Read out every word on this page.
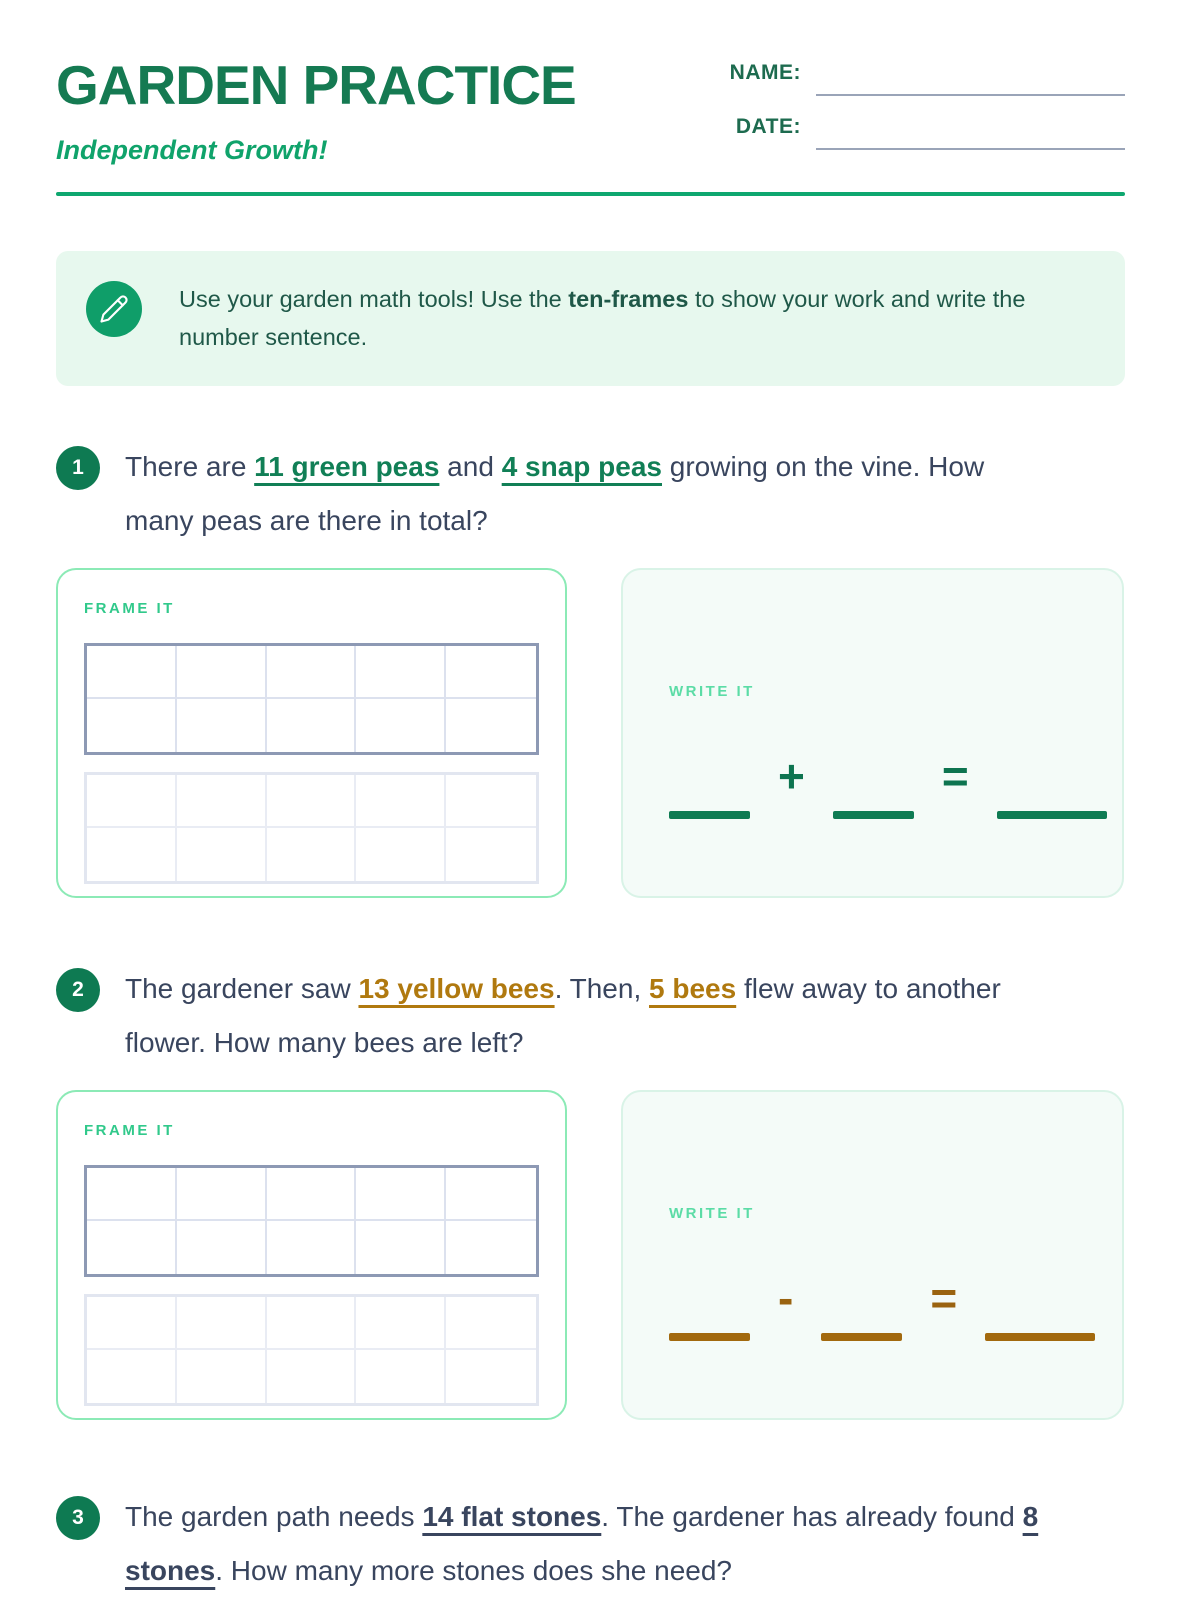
GARDEN PRACTICE
Independent Growth!
NAME:
DATE:
Use your garden math tools! Use the ten-frames to show your work and write the number sentence.
1	There are 11 green peas and 4 snap peas growing on the vine. How many peas are there in total?

FRAME IT
WRITE IT
+	=
2	The gardener saw 13 yellow bees. Then, 5 bees flew away to another flower. How many bees are left?

FRAME IT
WRITE IT
-	=
3	The garden path needs 14 flat stones. The gardener has already found 8 stones. How many more stones does she need?
